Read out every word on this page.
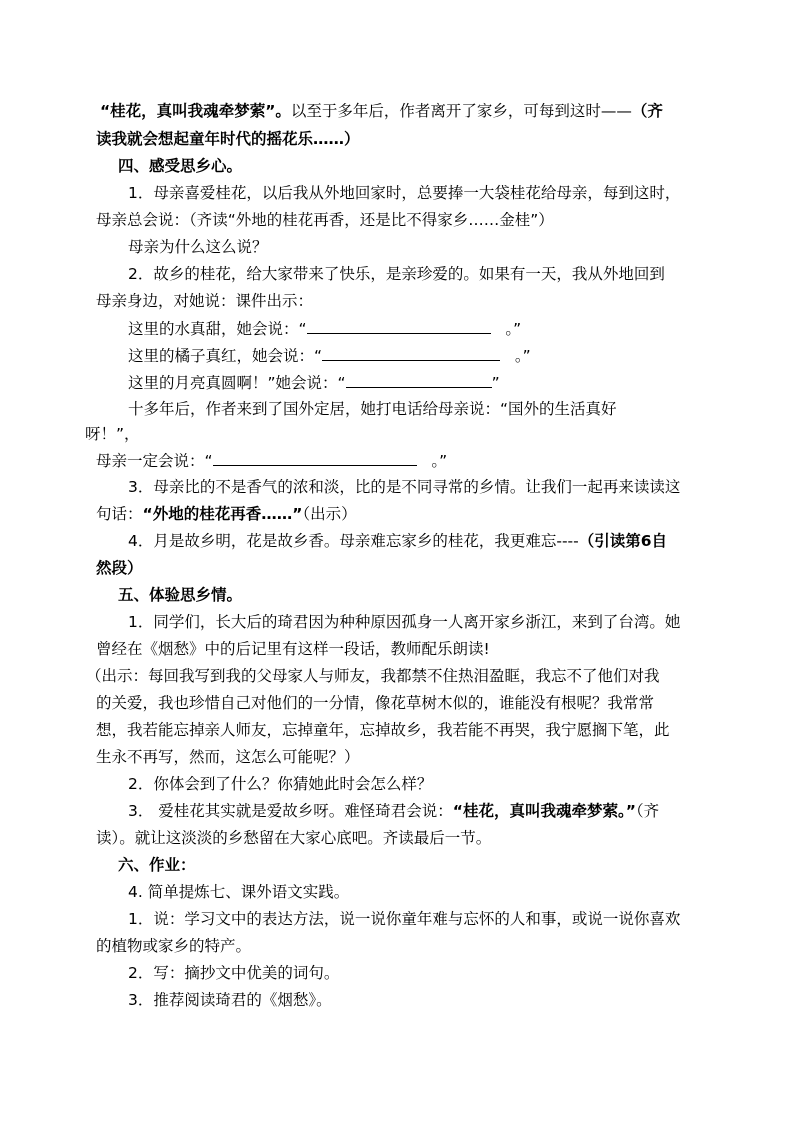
“桂花，真叫我魂牵梦萦”。以至于多年后，作者离开了家乡，可每到这时——（齐
读我就会想起童年时代的摇花乐……）
四、感受思乡心。
1．母亲喜爱桂花，以后我从外地回家时，总要捧一大袋桂花给母亲，每到这时，
母亲总会说：（齐读“外地的桂花再香，还是比不得家乡……金桂”）
母亲为什么这么说？
2．故乡的桂花，给大家带来了快乐，是亲珍爱的。如果有一天，我从外地回到
母亲身边，对她说：课件出示：
这里的水真甜，她会说：“	。”
这里的橘子真红，她会说：“	。”
这里的月亮真圆啊！”她会说：“	”
十多年后，作者来到了国外定居，她打电话给母亲说：“国外的生活真好
呀！”，
母亲一定会说：“	。”
3．母亲比的不是香气的浓和淡，比的是不同寻常的乡情。让我们一起再来读读这
句话：“外地的桂花再香……”（出示）
4．月是故乡明，花是故乡香。母亲难忘家乡的桂花，我更难忘----（引读第6自
然段）
五、体验思乡情。
1．同学们，长大后的琦君因为种种原因孤身一人离开家乡浙江，来到了台湾。她
曾经在《烟愁》中的后记里有这样一段话，教师配乐朗读!
（出示：每回我写到我的父母家人与师友，我都禁不住热泪盈眶，我忘不了他们对我
的关爱，我也珍惜自己对他们的一分情，像花草树木似的，谁能没有根呢？我常常
想，我若能忘掉亲人师友，忘掉童年，忘掉故乡，我若能不再哭，我宁愿搁下笔，此
生永不再写，然而，这怎么可能呢？）
2．你体会到了什么？你猜她此时会怎么样？
3． 爱桂花其实就是爱故乡呀。难怪琦君会说：“桂花，真叫我魂牵梦萦。”（齐
读）。就让这淡淡的乡愁留在大家心底吧。齐读最后一节。
六、作业：
4. 简单提炼七、课外语文实践。
1．说：学习文中的表达方法，说一说你童年难与忘怀的人和事，或说一说你喜欢
的植物或家乡的特产。
2．写：摘抄文中优美的词句。
3．推荐阅读琦君的《烟愁》。
